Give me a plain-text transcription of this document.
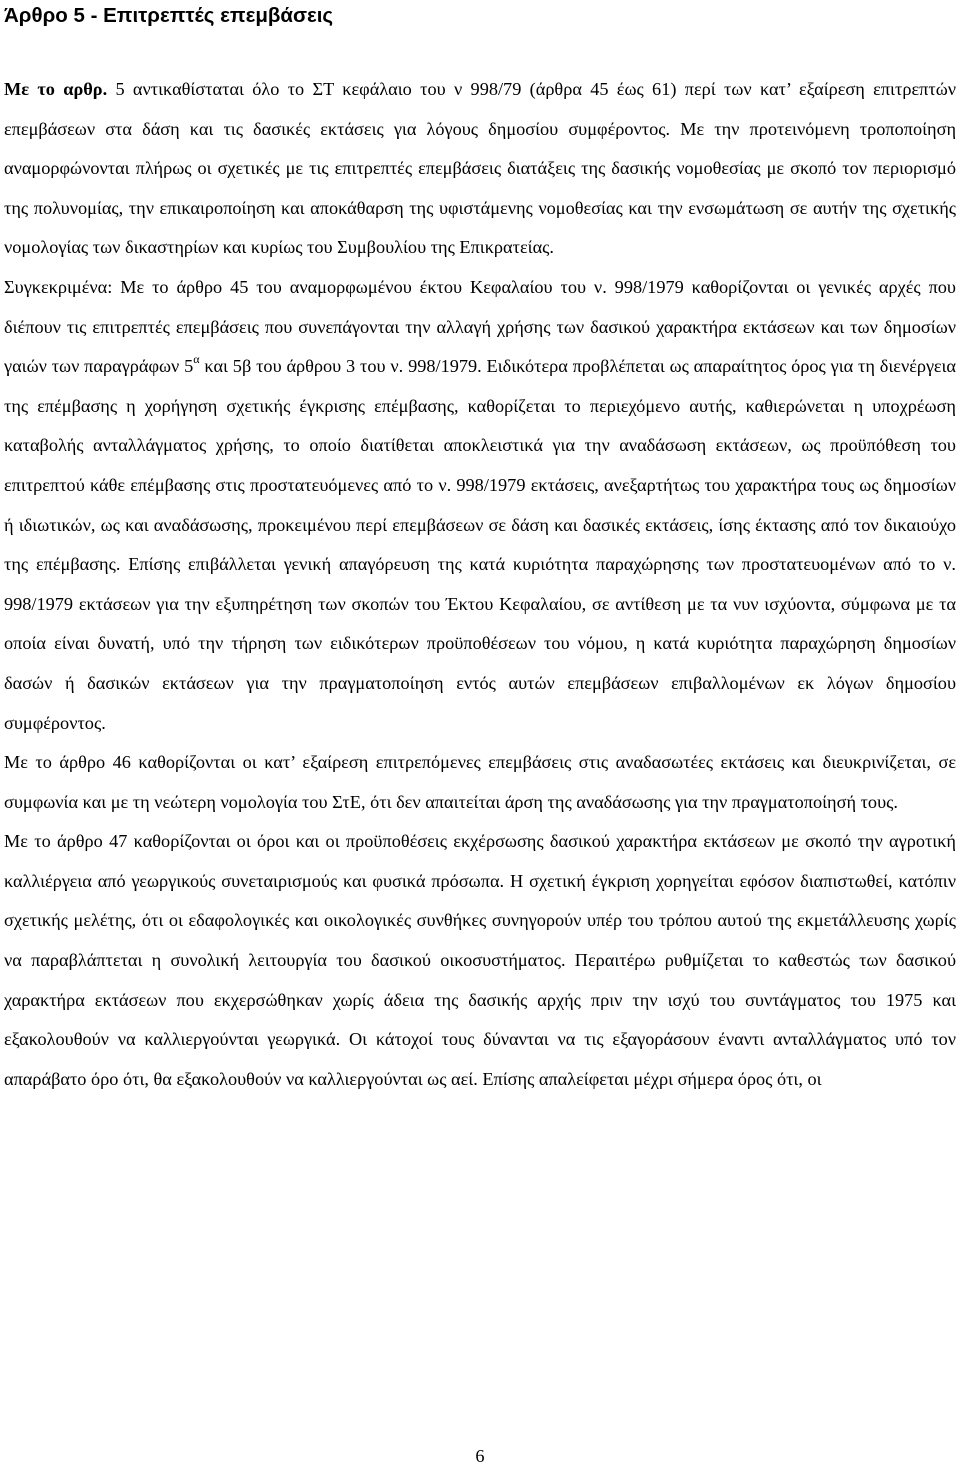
Άρθρο 5 - Επιτρεπτές επεμβάσεις

Με το αρθρ. 5 αντικαθίσταται όλο το ΣΤ κεφάλαιο του ν 998/79 (άρθρα 45 έως 61) περί των κατ’ εξαίρεση επιτρεπτών επεμβάσεων στα δάση και τις δασικές εκτάσεις για λόγους δημοσίου συμφέροντος. Με την προτεινόμενη τροποποίηση αναμορφώνονται πλήρως οι σχετικές με τις επιτρεπτές επεμβάσεις διατάξεις της δασικής νομοθεσίας με σκοπό τον περιορισμό της πολυνομίας, την επικαιροποίηση και αποκάθαρση της υφιστάμενης νομοθεσίας και την ενσωμάτωση σε αυτήν της σχετικής νομολογίας των δικαστηρίων και κυρίως του Συμβουλίου της Επικρατείας.

Συγκεκριμένα: Με το άρθρο 45 του αναμορφωμένου έκτου Κεφαλαίου του ν. 998/1979 καθορίζονται οι γενικές αρχές που διέπουν τις επιτρεπτές επεμβάσεις που συνεπάγονται την αλλαγή χρήσης των δασικού χαρακτήρα εκτάσεων και των δημοσίων γαιών των παραγράφων $5^\alpha$ και 5β του άρθρου 3 του ν. 998/1979. Ειδικότερα προβλέπεται ως απαραίτητος όρος για τη διενέργεια της επέμβασης η χορήγηση σχετικής έγκρισης επέμβασης, καθορίζεται το περιεχόμενο αυτής, καθιερώνεται η υποχρέωση καταβολής ανταλλάγματος χρήσης, το οποίο διατίθεται αποκλειστικά για την αναδάσωση εκτάσεων, ως προϋπόθεση του επιτρεπτού κάθε επέμβασης στις προστατευόμενες από το ν. 998/1979 εκτάσεις, ανεξαρτήτως του χαρακτήρα τους ως δημοσίων ή ιδιωτικών, ως και αναδάσωσης, προκειμένου περί επεμβάσεων σε δάση και δασικές εκτάσεις, ίσης έκτασης από τον δικαιούχο της επέμβασης. Επίσης επιβάλλεται γενική απαγόρευση της κατά κυριότητα παραχώρησης των προστατευομένων από το ν. 998/1979 εκτάσεων για την εξυπηρέτηση των σκοπών του Έκτου Κεφαλαίου, σε αντίθεση με τα νυν ισχύοντα, σύμφωνα με τα οποία είναι δυνατή, υπό την τήρηση των ειδικότερων προϋποθέσεων του νόμου, η κατά κυριότητα παραχώρηση δημοσίων δασών ή δασικών εκτάσεων για την πραγματοποίηση εντός αυτών επεμβάσεων επιβαλλομένων εκ λόγων δημοσίου συμφέροντος.

Με το άρθρο 46 καθορίζονται οι κατ’ εξαίρεση επιτρεπόμενες επεμβάσεις στις αναδασωτέες εκτάσεις και διευκρινίζεται, σε συμφωνία και με τη νεώτερη νομολογία του ΣτΕ, ότι δεν απαιτείται άρση της αναδάσωσης για την πραγματοποίησή τους.

Με το άρθρο 47 καθορίζονται οι όροι και οι προϋποθέσεις εκχέρσωσης δασικού χαρακτήρα εκτάσεων με σκοπό την αγροτική καλλιέργεια από γεωργικούς συνεταιρισμούς και φυσικά πρόσωπα. Η σχετική έγκριση χορηγείται εφόσον διαπιστωθεί, κατόπιν σχετικής μελέτης, ότι οι εδαφολογικές και οικολογικές συνθήκες συνηγορούν υπέρ του τρόπου αυτού της εκμετάλλευσης χωρίς να παραβλάπτεται η συνολική λειτουργία του δασικού οικοσυστήματος. Περαιτέρω ρυθμίζεται το καθεστώς των δασικού χαρακτήρα εκτάσεων που εκχερσώθηκαν χωρίς άδεια της δασικής αρχής πριν την ισχύ του συντάγματος του 1975 και εξακολουθούν να καλλιεργούνται γεωργικά. Οι κάτοχοί τους δύνανται να τις εξαγοράσουν έναντι ανταλλάγματος υπό τον απαράβατο όρο ότι, θα εξακολουθούν να καλλιεργούνται ως αεί. Επίσης απαλείφεται μέχρι σήμερα όρος ότι, οι

6
